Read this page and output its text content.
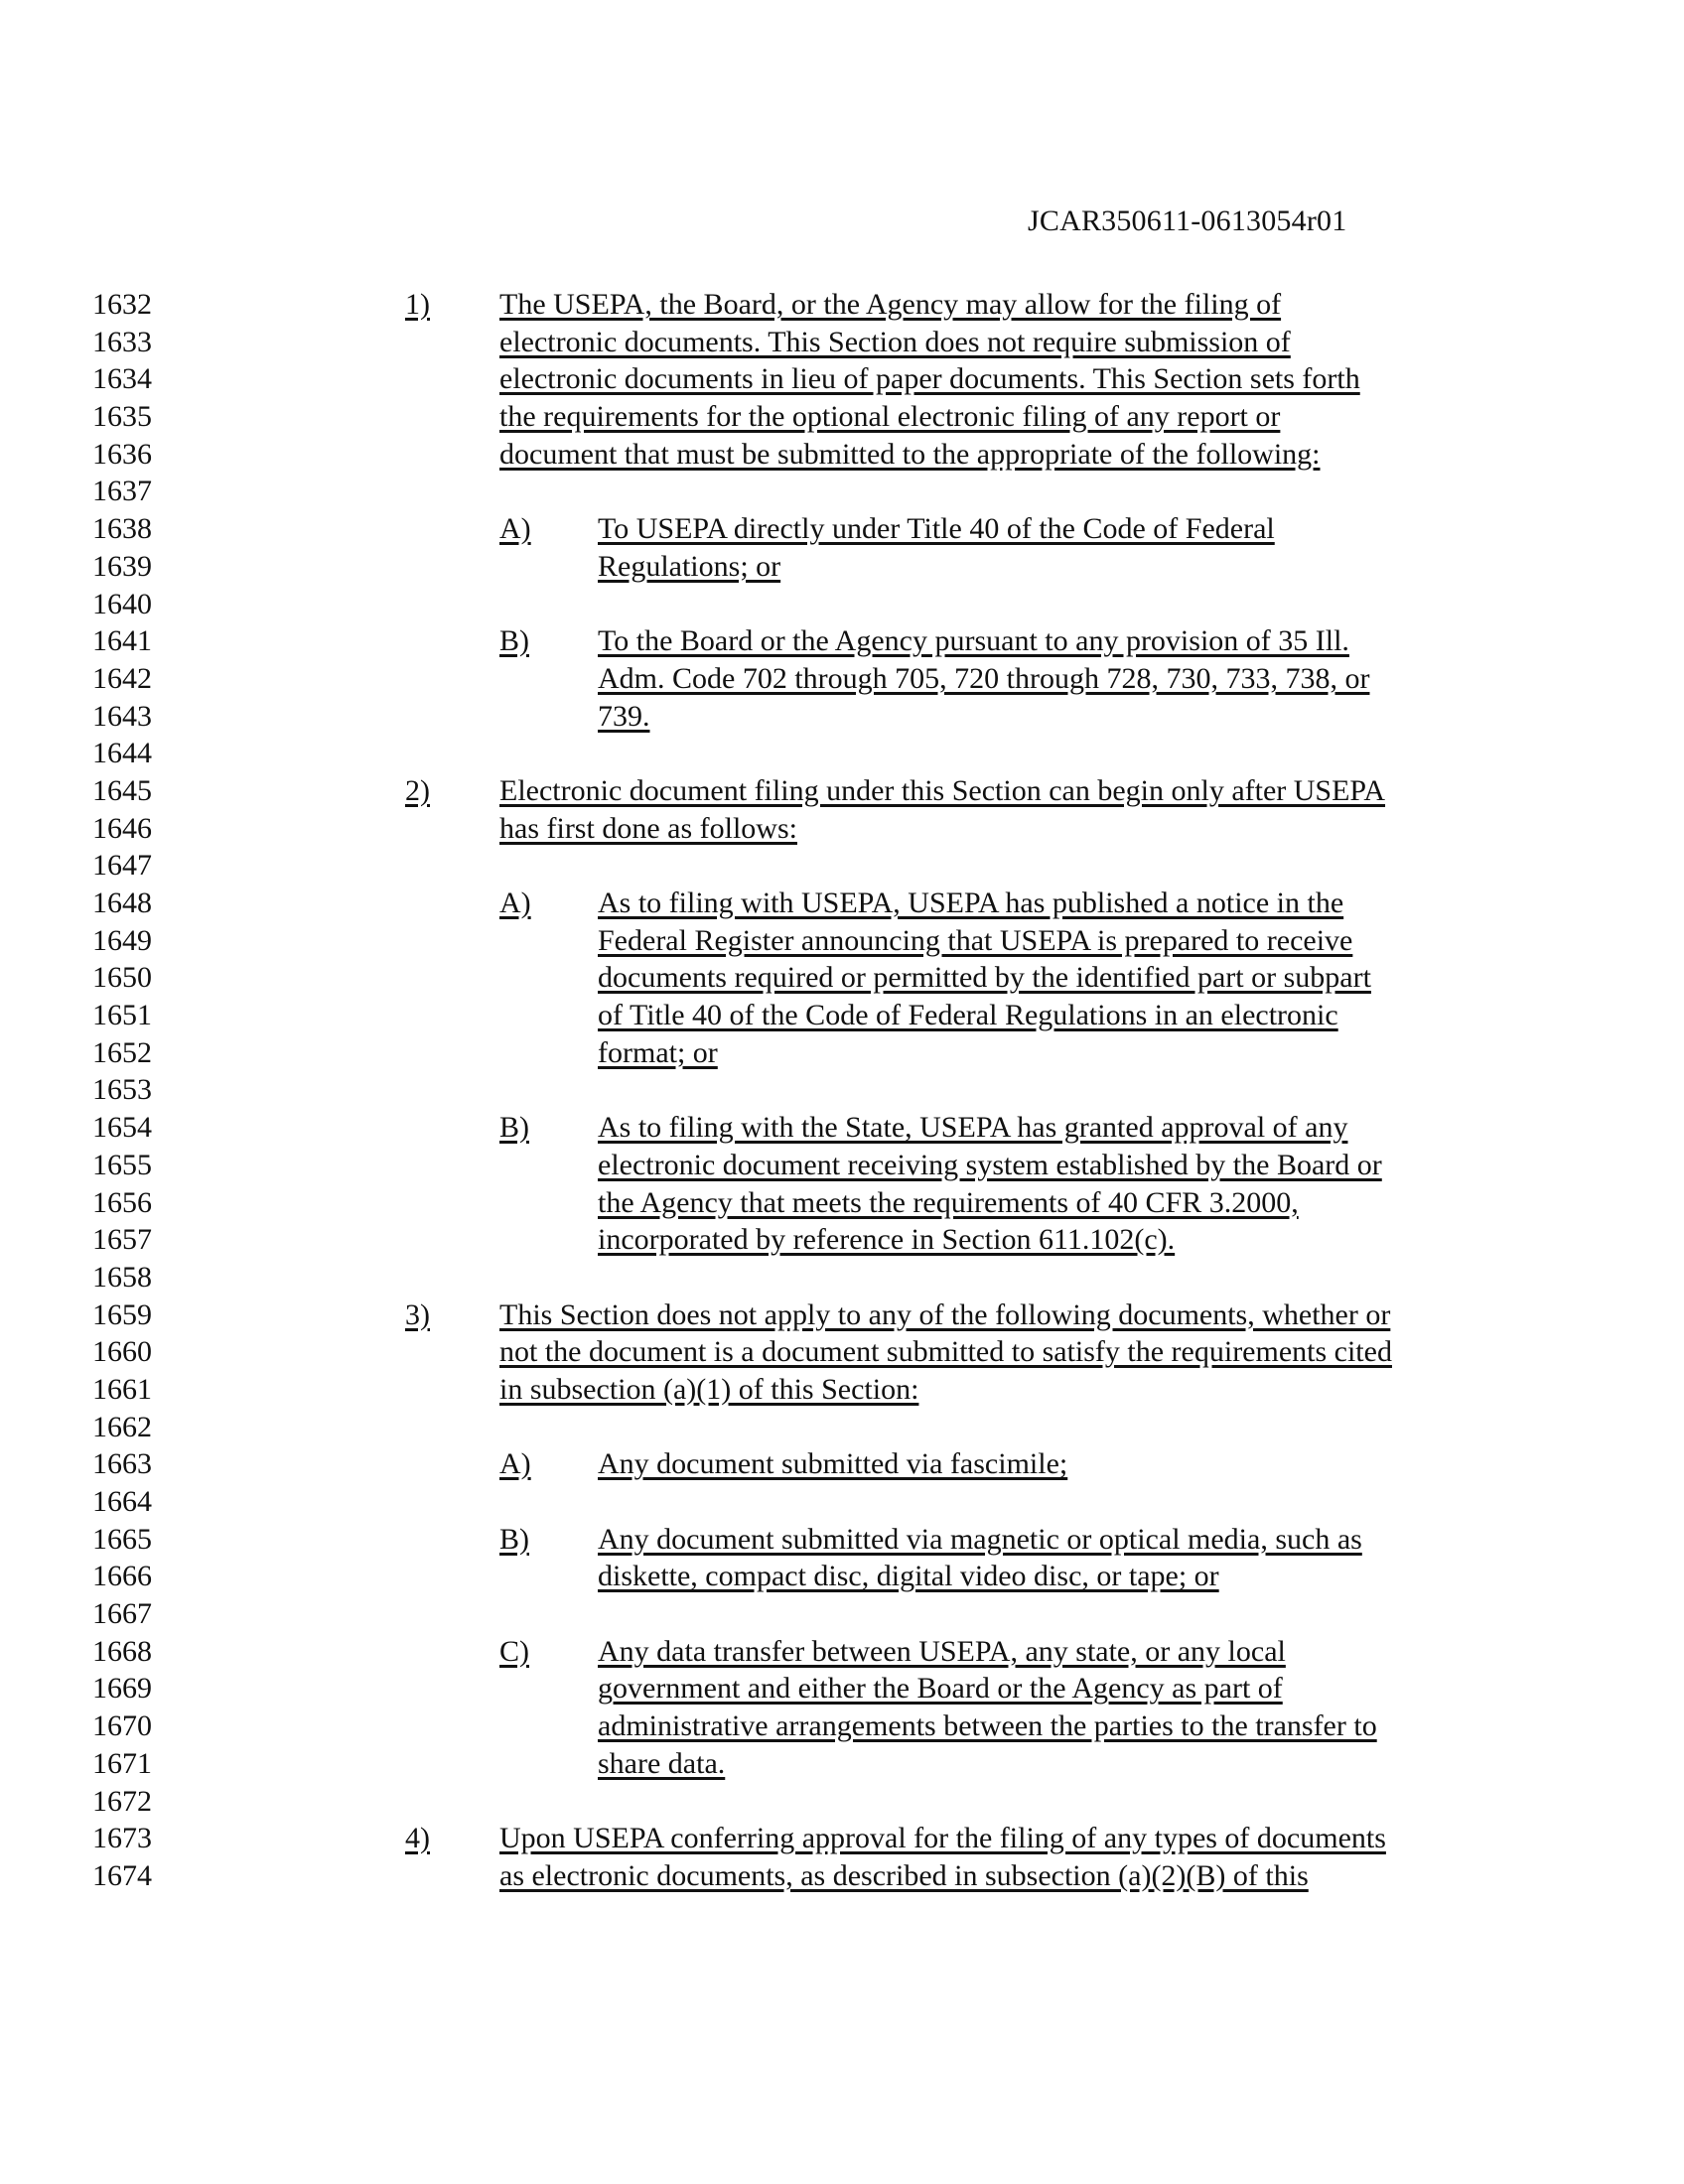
JCAR350611-0613054r01
1632	1) The USEPA, the Board, or the Agency may allow for the filing of
1633	electronic documents. This Section does not require submission of
1634	electronic documents in lieu of paper documents. This Section sets forth
1635	the requirements for the optional electronic filing of any report or
1636	document that must be submitted to the appropriate of the following:
1637
1638	A) To USEPA directly under Title 40 of the Code of Federal
1639	Regulations; or
1640
1641	B) To the Board or the Agency pursuant to any provision of 35 Ill.
1642	Adm. Code 702 through 705, 720 through 728, 730, 733, 738, or
1643	739.
1644
1645	2) Electronic document filing under this Section can begin only after USEPA
1646	has first done as follows:
1647
1648	A) As to filing with USEPA, USEPA has published a notice in the
1649	Federal Register announcing that USEPA is prepared to receive
1650	documents required or permitted by the identified part or subpart
1651	of Title 40 of the Code of Federal Regulations in an electronic
1652	format; or
1653
1654	B) As to filing with the State, USEPA has granted approval of any
1655	electronic document receiving system established by the Board or
1656	the Agency that meets the requirements of 40 CFR 3.2000,
1657	incorporated by reference in Section 611.102(c).
1658
1659	3) This Section does not apply to any of the following documents, whether or
1660	not the document is a document submitted to satisfy the requirements cited
1661	in subsection (a)(1) of this Section:
1662
1663	A) Any document submitted via fascimile;
1664
1665	B) Any document submitted via magnetic or optical media, such as
1666	diskette, compact disc, digital video disc, or tape; or
1667
1668	C) Any data transfer between USEPA, any state, or any local
1669	government and either the Board or the Agency as part of
1670	administrative arrangements between the parties to the transfer to
1671	share data.
1672
1673	4) Upon USEPA conferring approval for the filing of any types of documents
1674	as electronic documents, as described in subsection (a)(2)(B) of this
